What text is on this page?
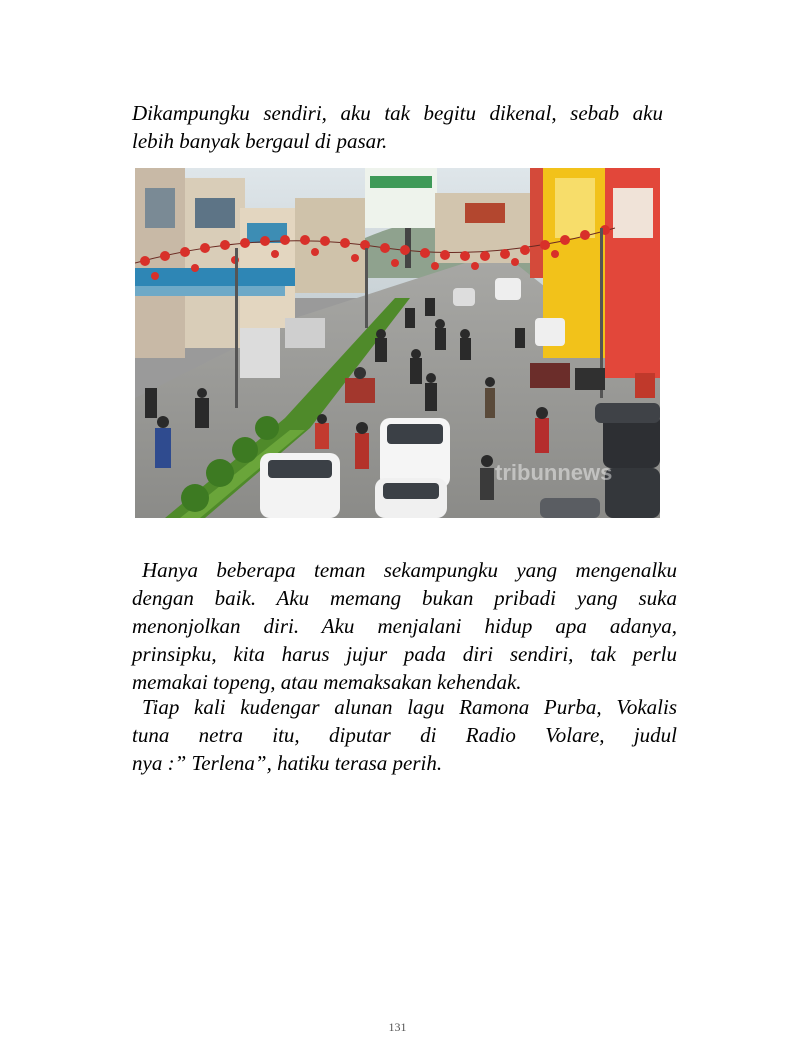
Dikampungku sendiri, aku tak begitu dikenal, sebab aku
lebih banyak bergaul di pasar.

tribunnews

Hanya beberapa teman sekampungku yang mengenalku
dengan baik. Aku memang bukan pribadi yang suka
menonjolkan diri. Aku menjalani hidup apa adanya,
prinsipku, kita harus jujur pada diri sendiri, tak perlu
memakai topeng, atau memaksakan kehendak.

Tiap kali kudengar alunan lagu Ramona Purba, Vokalis
tuna netra itu, diputar di Radio Volare, judul
nya :” Terlena”, hatiku terasa perih.

131
